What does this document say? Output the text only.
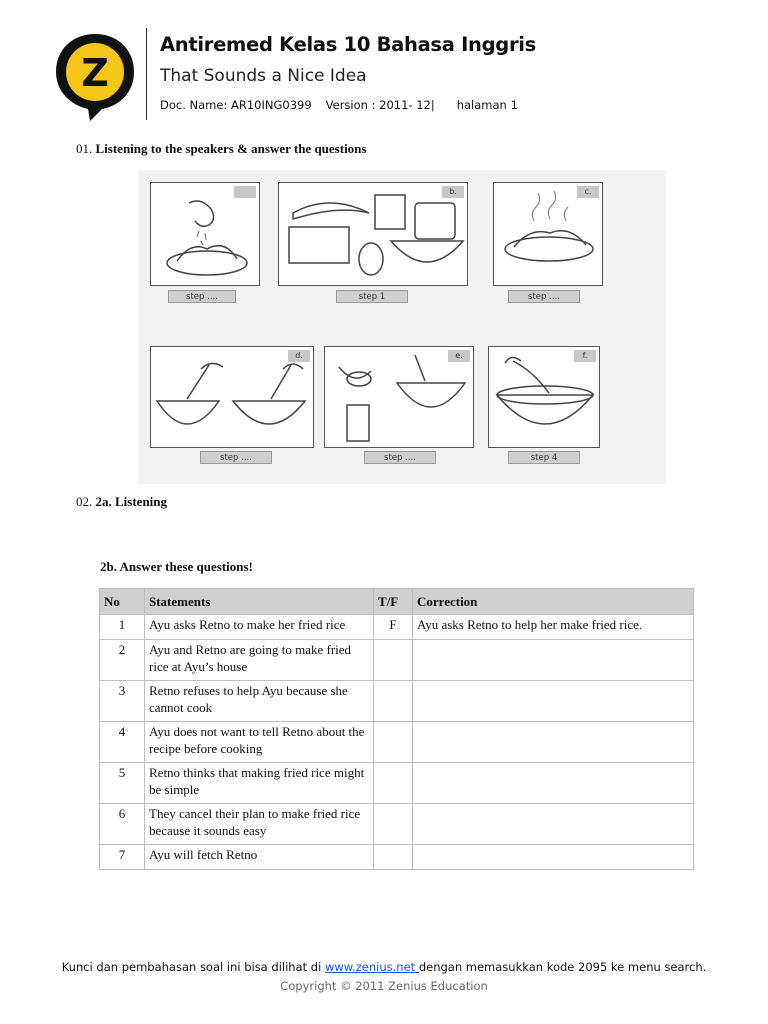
Z
Antiremed Kelas 10 Bahasa Inggris
That Sounds a Nice Idea
Doc. Name: AR10ING0399 Version : 2011- 12| halaman 1
01. Listening to the speakers & answer the questions
step ....
b.
step 1
c.
step ....
d.
step ....
e.
step ....
f.
step 4
02. 2a. Listening
2b. Answer these questions!
No	Statements	T/F	Correction
1	Ayu asks Retno to make her fried rice	F	Ayu asks Retno to help her make fried rice.
2	Ayu and Retno are going to make fried rice at Ayu’s house		
3	Retno refuses to help Ayu because she cannot cook		
4	Ayu does not want to tell Retno about the recipe before cooking		
5	Retno thinks that making fried rice might be simple		
6	They cancel their plan to make fried rice because it sounds easy		
7	Ayu will fetch Retno		
Kunci dan pembahasan soal ini bisa dilihat di www.zenius.net dengan memasukkan kode 2095 ke menu search.
Copyright © 2011 Zenius Education
